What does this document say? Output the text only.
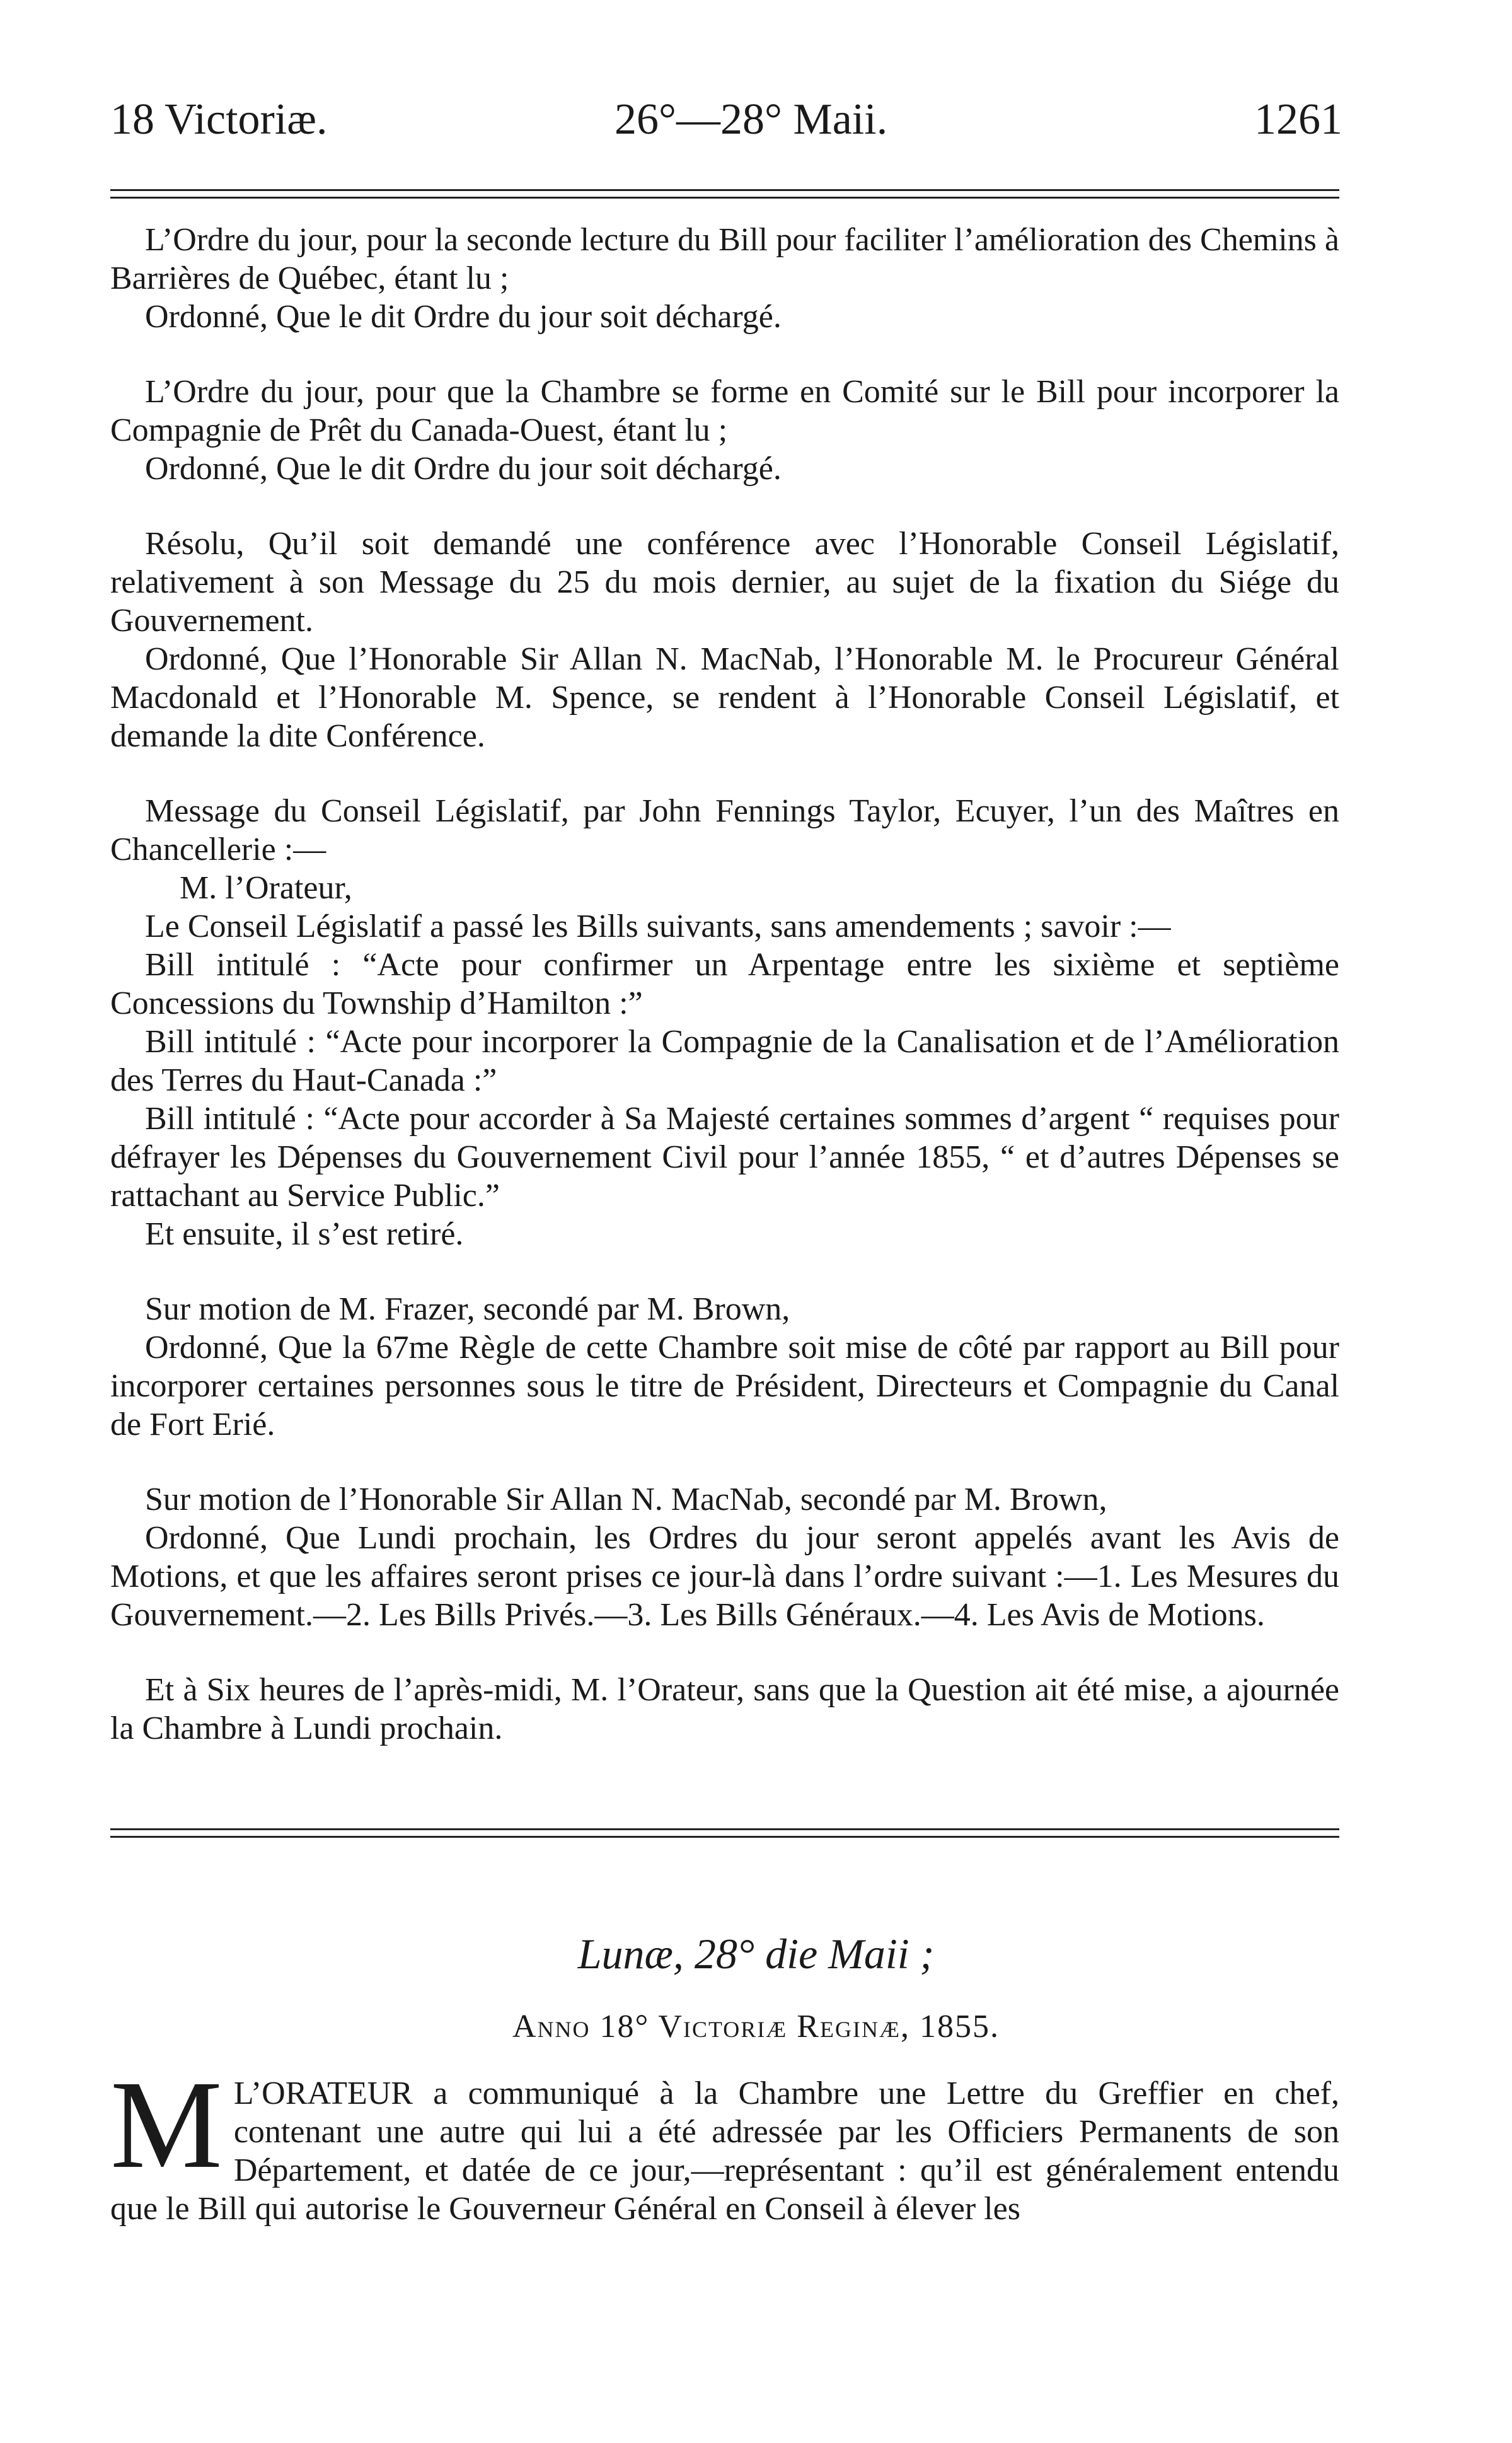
18 Victoriæ.	26°—28° Maii.	1261

L’Ordre du jour, pour la seconde lecture du Bill pour faciliter l’amélioration des Chemins à Barrières de Québec, étant lu ;

Ordonné, Que le dit Ordre du jour soit déchargé.

L’Ordre du jour, pour que la Chambre se forme en Comité sur le Bill pour incorporer la Compagnie de Prêt du Canada-Ouest, étant lu ;

Ordonné, Que le dit Ordre du jour soit déchargé.

Résolu, Qu’il soit demandé une conférence avec l’Honorable Conseil Législatif, relativement à son Message du 25 du mois dernier, au sujet de la fixation du Siége du Gouvernement.

Ordonné, Que l’Honorable Sir Allan N. MacNab, l’Honorable M. le Procureur Général Macdonald et l’Honorable M. Spence, se rendent à l’Honorable Conseil Législatif, et demande la dite Conférence.

Message du Conseil Législatif, par John Fennings Taylor, Ecuyer, l’un des Maîtres en Chancellerie :—

M. l’Orateur,

Le Conseil Législatif a passé les Bills suivants, sans amendements ; savoir :—

Bill intitulé : “Acte pour confirmer un Arpentage entre les sixième et septième Concessions du Township d’Hamilton :”

Bill intitulé : “Acte pour incorporer la Compagnie de la Canalisation et de l’Amélioration des Terres du Haut-Canada :”

Bill intitulé : “Acte pour accorder à Sa Majesté certaines sommes d’argent “ requises pour défrayer les Dépenses du Gouvernement Civil pour l’année 1855, “ et d’autres Dépenses se rattachant au Service Public.”

Et ensuite, il s’est retiré.

Sur motion de M. Frazer, secondé par M. Brown,

Ordonné, Que la 67me Règle de cette Chambre soit mise de côté par rapport au Bill pour incorporer certaines personnes sous le titre de Président, Directeurs et Compagnie du Canal de Fort Erié.

Sur motion de l’Honorable Sir Allan N. MacNab, secondé par M. Brown,

Ordonné, Que Lundi prochain, les Ordres du jour seront appelés avant les Avis de Motions, et que les affaires seront prises ce jour-là dans l’ordre suivant :—1. Les Mesures du Gouvernement.—2. Les Bills Privés.—3. Les Bills Généraux.—4. Les Avis de Motions.

Et à Six heures de l’après-midi, M. l’Orateur, sans que la Question ait été mise, a ajournée la Chambre à Lundi prochain.

Lunæ, 28° die Maii ;
Anno 18° Victoriæ Reginæ, 1855.
M L’ORATEUR a communiqué à la Chambre une Lettre du Greffier en chef, contenant une autre qui lui a été adressée par les Officiers Permanents de son Département, et datée de ce jour,—représentant : qu’il est généralement entendu que le Bill qui autorise le Gouverneur Général en Conseil à élever les
